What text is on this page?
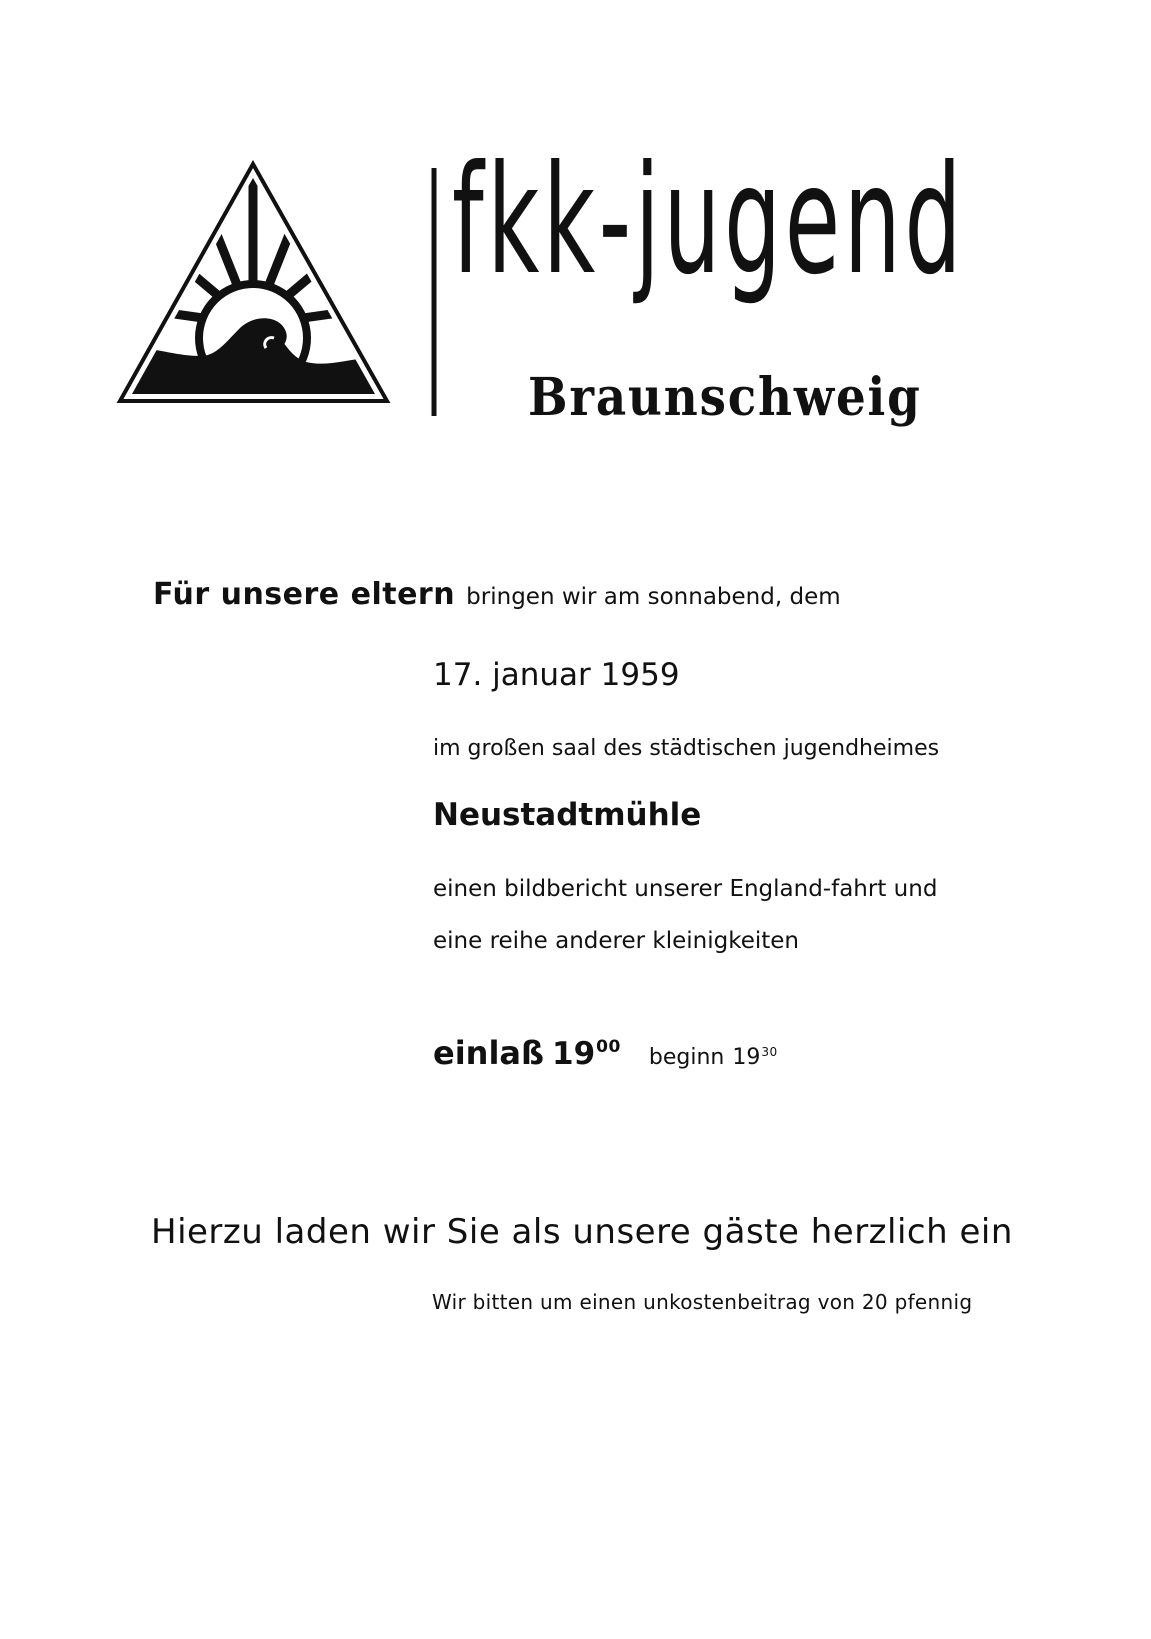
fkk-jugend
Braunschweig

Für unsere eltern bringen wir am sonnabend, dem

17. januar 1959

im großen saal des städtischen jugendheimes

Neustadtmühle

einen bildbericht unserer England-fahrt und

eine reihe anderer kleinigkeiten

einlaß $19^{00}$ beginn $19^{30}$

Hierzu laden wir Sie als unsere gäste herzlich ein

Wir bitten um einen unkostenbeitrag von 20 pfennig
